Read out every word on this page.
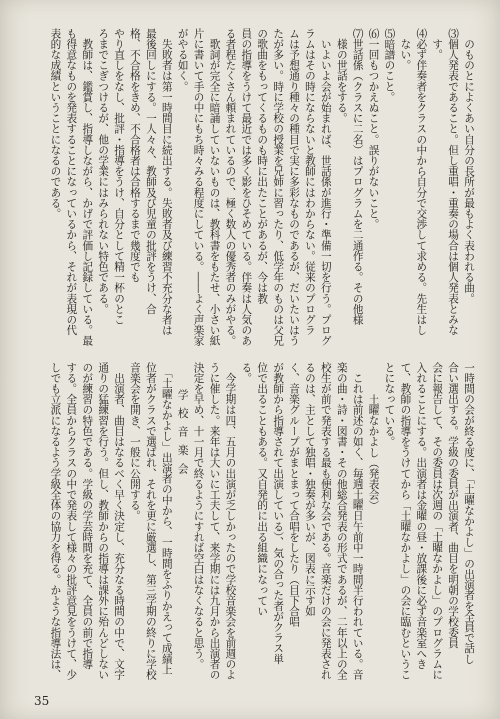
　のものとによくあい自分の長所が最もよく表われる曲。
⑶個人発表であること。但し重唱・重奏の場合は個人発表とみな
　す。
⑷必ず伴奏者をクラスの中から自分で交渉して求める。先生はし
　ない。
⑸暗譜のこと。
⑹一回もつかえぬこと。誤りがないこと。
⑺世話係（クラスに二名）はプログラムを二通作る。その他様
　様の世話をする。
　いよいよ会が始まれば、世話係が進行・準備一切を行う。プログ
ラムはその時にならないと教師にはわからない。従来のプログラ
ムは予想通り種々の種目で実に多彩なものであるが、だいたいはう
たが多い。時に学校の授業を兄姉に習ったり、低学年のものは父兄
の歌曲をもってくるものも時に出たことがあるが、今は教
員の指導をうけて最近では多く影をひそめている。伴奏は人気のあ
る者程たくさん頼まれているので、極く数人の優秀者のみがやる。
　歌詞が完全に暗誦していないものは、教科書をもたせ、小さい紙
片に書いて手の中にもち時々みる程度にしている。――よく声楽家
がやる如く。
　失敗者は第一時間目に続出する。失敗者及び練習不充分な者は
最後回しにする。一人々々、教師及び児童の批評をうけ、合
格、不合格をきめ、不合格者は合格するまで幾度でも
やり直しをなし、批評・指導をうけ、自分として精一杯のとこ
ろまでこぎつけるが、他の学業にはみられない特色である。
　教師は、鑑賞し、指導しながら、かげで評価し記録している。最
も得意なものを発表することになっているから、それが表現の代
表的な成績ということになるのである。
一時間の会が終る度に、「土曜なかよし」の出演者を全員で話し
合い選出する。学級の委員が出演者、曲目を明朝の学校委員
会に報告して、その委員は次週の「土曜なかよし」のプログラムに
入れることにする。出演者は金曜の昼・放課後に必ず音楽室へき
て、教師の指導をうけてから「土曜なかよし」の会に臨むというこ
とになっている。
土曜なかよし（発表会）
　これは前述の如く、毎週土曜日午前中一時間半行われている。音
楽の曲・詩・図書・その他総合発表の形式であるが、二年以上の全
校生が前で発表する最も便利な会である。音楽だけの会に発表され
るのは、主として独唱・独奏が多いが、図表に示す如
く、音楽グループがまとまって合唱をしたり（目下合唱
が教師から指導されて出演している）、気の合った者がクラス単
位で出ることもある。又自発的に出る組織になってい
る。
　今学期は四、五月の出演が乏しかったので学校音楽会を前週のよ
うに催した。来年は大いに工夫して、来学期には九月から出演者の
決定を早め、十一月で終るようにすれば空白はなくなると思う。
学校音楽会
　「土曜なかよし」出演者の中から、一時間をふりかえって成績上
位者がクラスで選ばれ、それを更に厳選し、第三学期の終りに学校
音楽会を開き、一般に公開する。
　出演者、曲目はなるべく早く決定し、充分なる時間の中で、文字
通りの猛練習を行う。但し、教師からの指導は課外に殆んどしない
のが練習の特色である。学級の学芸時間を充て、全員の前で指導
する。全員からクラスの中で発表して様々の批評意見をうけて、少
しでも立派になるよう学級全体の協力を得る。かような指導法は、
35
